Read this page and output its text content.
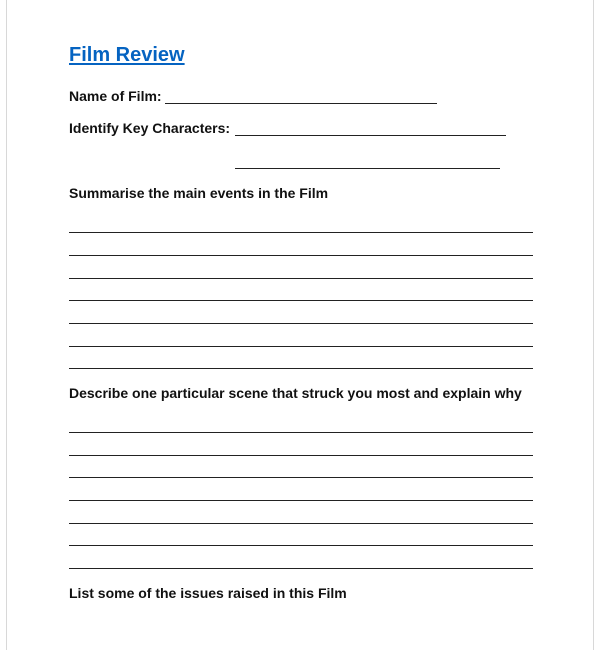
Film Review
Name of Film:
Identify Key Characters:
Summarise the main events in the Film
Describe one particular scene that struck you most and explain why
List some of the issues raised in this Film
